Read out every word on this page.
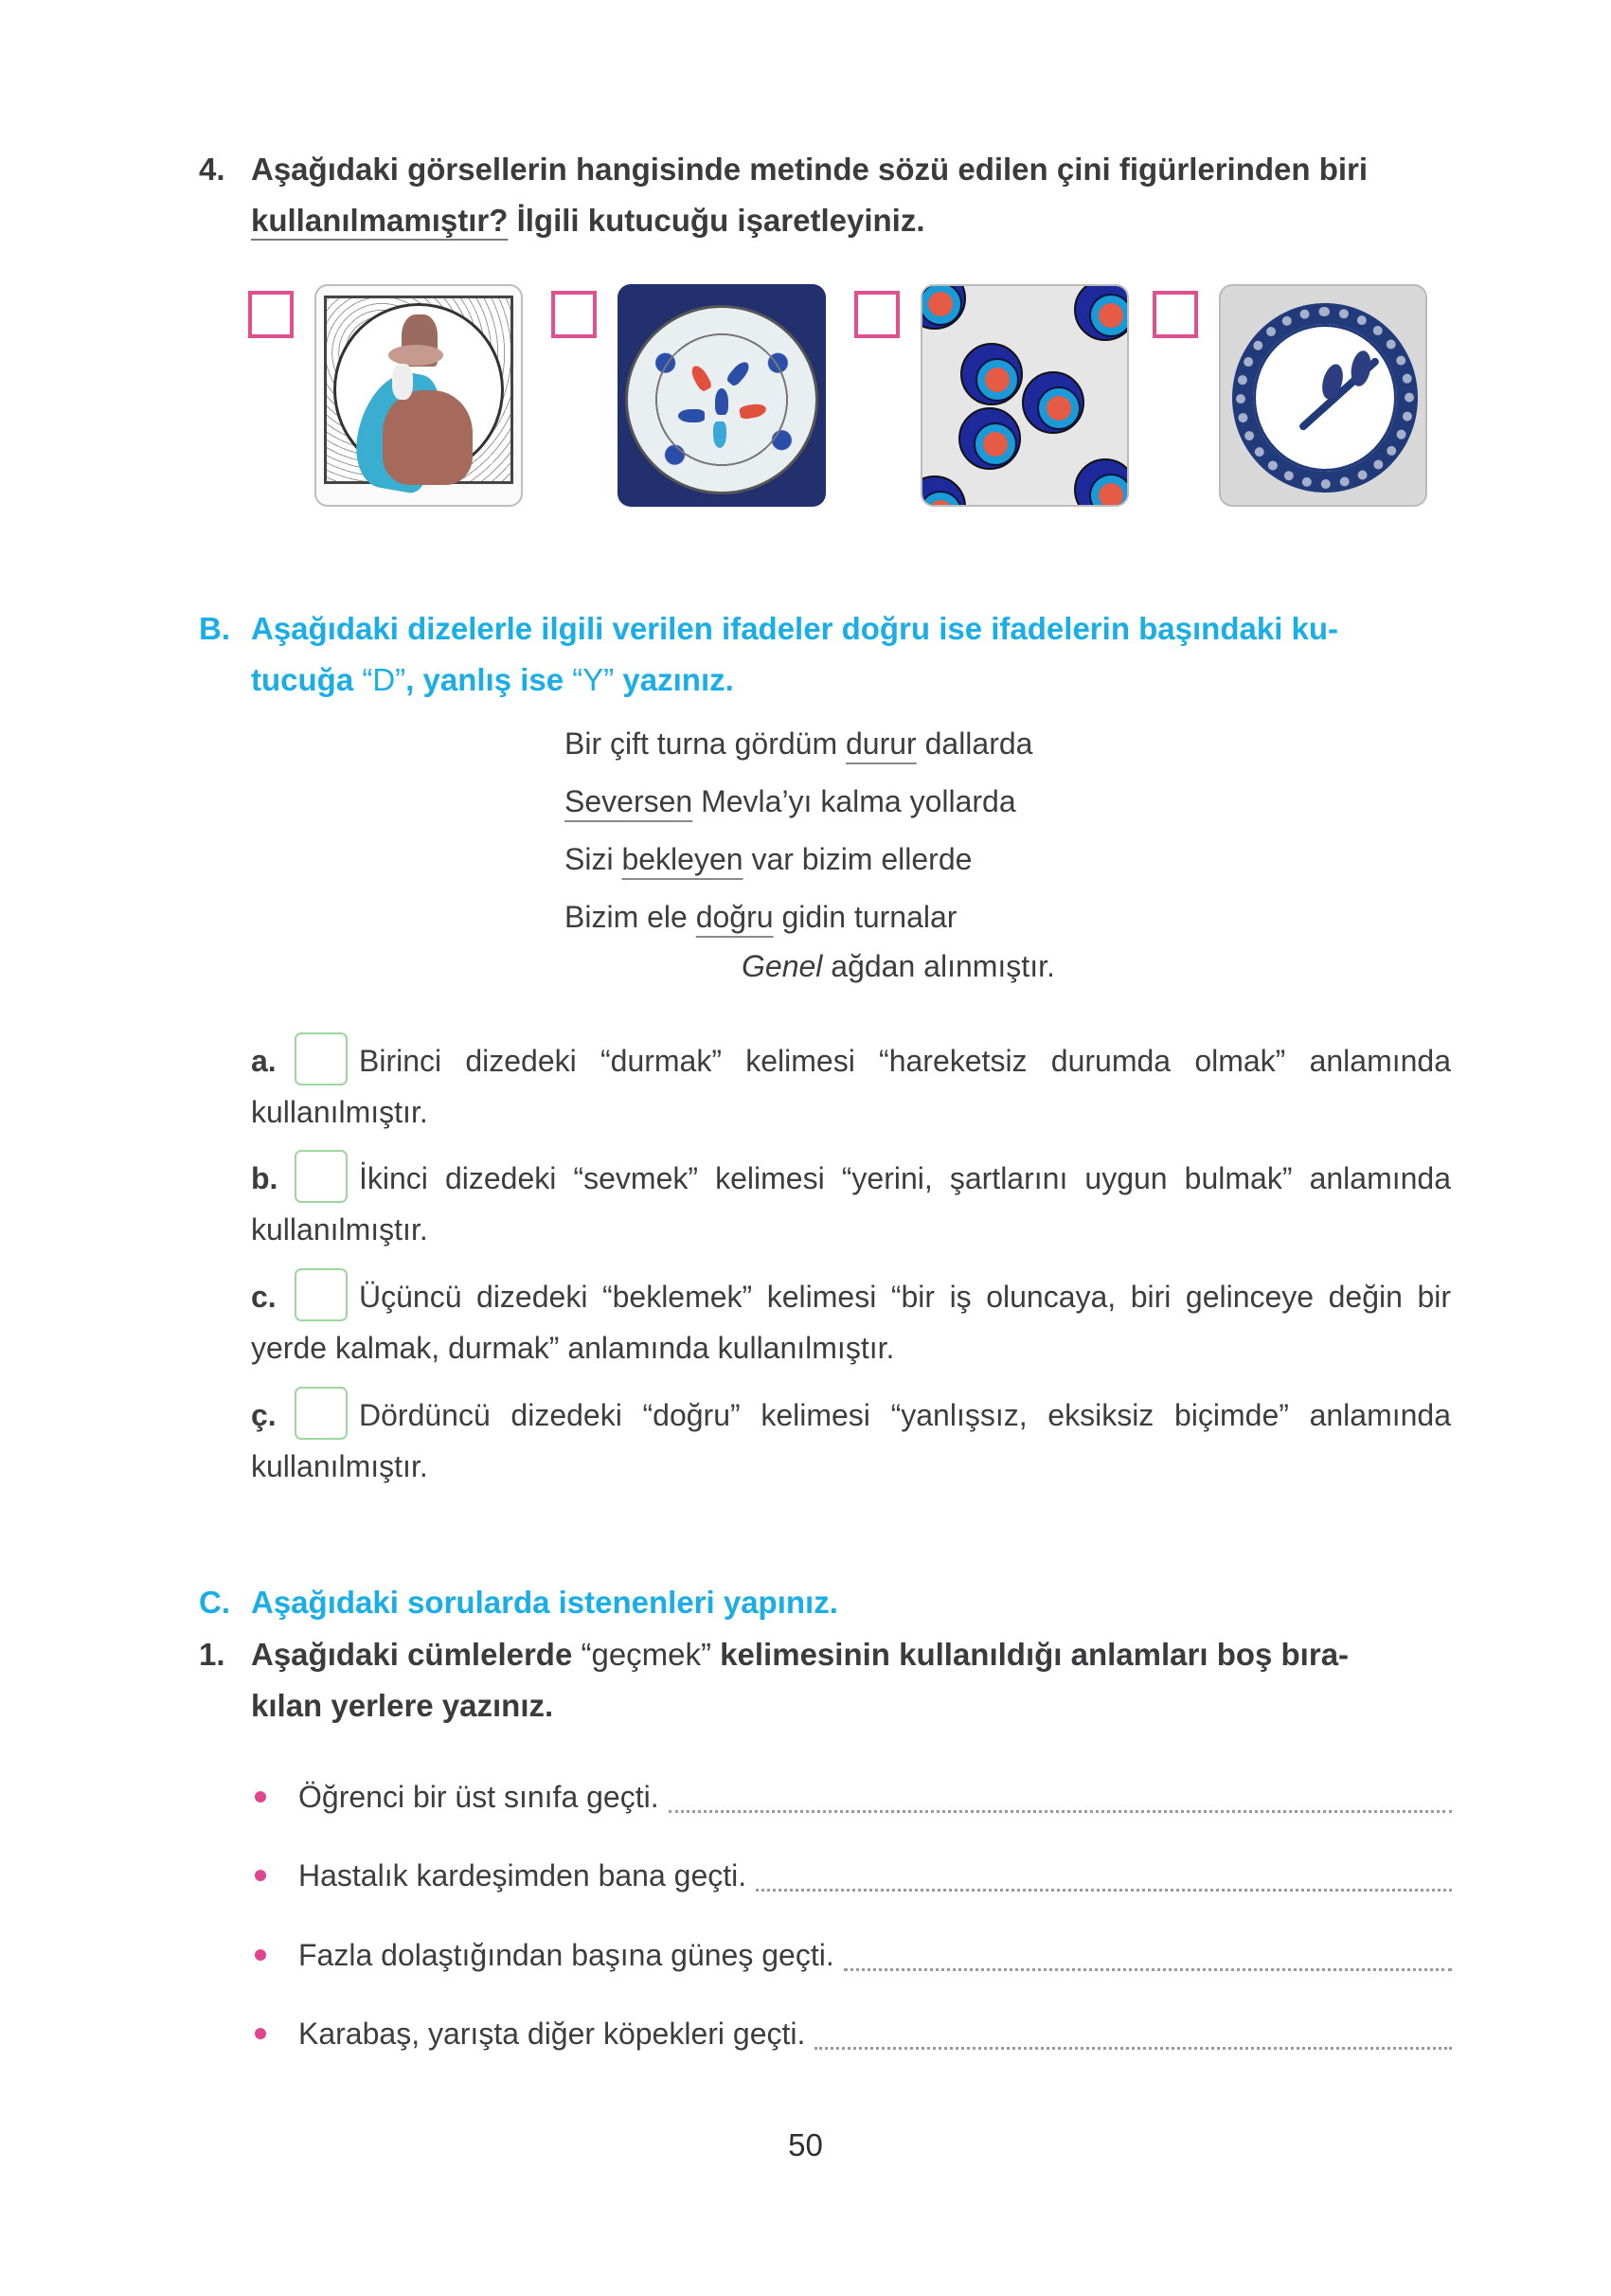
4. Aşağıdaki görsellerin hangisinde metinde sözü edilen çini figürlerinden biri
kullanılmamıştır? İlgili kutucuğu işaretleyiniz.
B. Aşağıdaki dizelerle ilgili verilen ifadeler doğru ise ifadelerin başındaki ku-
tucuğa “D”, yanlış ise “Y” yazınız.
Bir çift turna gördüm durur dallarda
Seversen Mevla’yı kalma yollarda
Sizi bekleyen var bizim ellerde
Bizim ele doğru gidin turnalar
Genel ağdan alınmıştır.
a.	Birinci dizedeki “durmak” kelimesi “hareketsiz durumda olmak” anlamında
kullanılmıştır.
b.	İkinci dizedeki “sevmek” kelimesi “yerini, şartlarını uygun bulmak” anlamında
kullanılmıştır.
c.	Üçüncü dizedeki “beklemek” kelimesi “bir iş oluncaya, biri gelinceye değin bir
yerde kalmak, durmak” anlamında kullanılmıştır.
ç.	Dördüncü dizedeki “doğru” kelimesi “yanlışsız, eksiksiz biçimde” anlamında
kullanılmıştır.
C. Aşağıdaki sorularda istenenleri yapınız.
1. Aşağıdaki cümlelerde “geçmek” kelimesinin kullanıldığı anlamları boş bıra-
kılan yerlere yazınız.
Öğrenci bir üst sınıfa geçti.
Hastalık kardeşimden bana geçti.
Fazla dolaştığından başına güneş geçti.
Karabaş, yarışta diğer köpekleri geçti.
50
